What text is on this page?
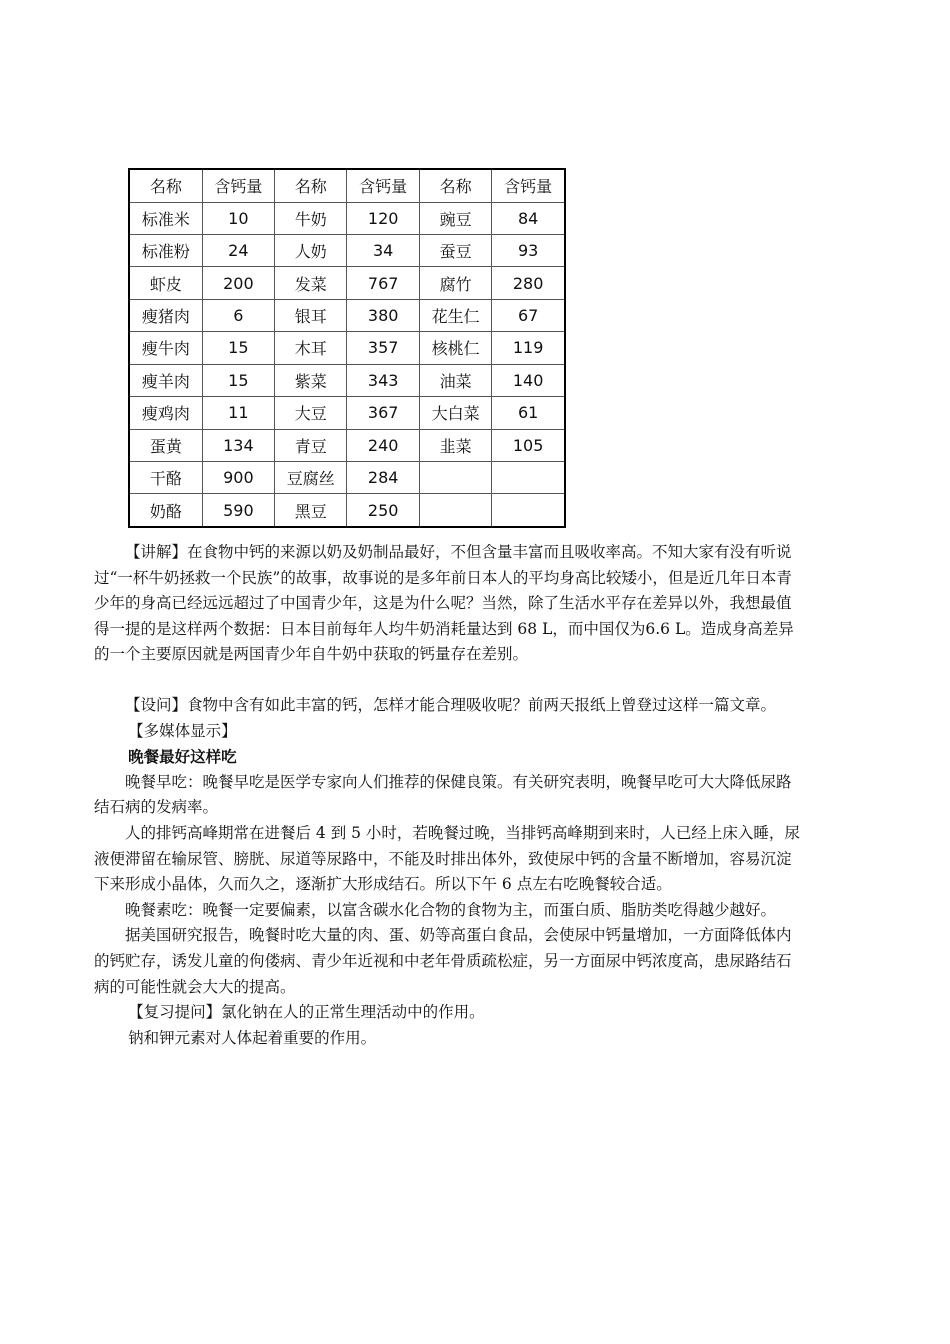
名称	含钙量	名称	含钙量	名称	含钙量
标准米	10	牛奶	120	豌豆	84
标准粉	24	人奶	34	蚕豆	93
虾皮	200	发菜	767	腐竹	280
瘦猪肉	6	银耳	380	花生仁	67
瘦牛肉	15	木耳	357	核桃仁	119
瘦羊肉	15	紫菜	343	油菜	140
瘦鸡肉	11	大豆	367	大白菜	61
蛋黄	134	青豆	240	韭菜	105
干酪	900	豆腐丝	284		
奶酪	590	黑豆	250		

【讲解】在食物中钙的来源以奶及奶制品最好，不但含量丰富而且吸收率高。不知大家有没有听说过“一杯牛奶拯救一个民族”的故事，故事说的是多年前日本人的平均身高比较矮小，但是近几年日本青少年的身高已经远远超过了中国青少年，这是为什么呢？当然，除了生活水平存在差异以外，我想最值得一提的是这样两个数据：日本目前每年人均牛奶消耗量达到 68 L，而中国仅为6.6 L。造成身高差异的一个主要原因就是两国青少年自牛奶中获取的钙量存在差别。

【设问】食物中含有如此丰富的钙，怎样才能合理吸收呢？前两天报纸上曾登过这样一篇文章。

【多媒体显示】

晚餐最好这样吃

晚餐早吃：晚餐早吃是医学专家向人们推荐的保健良策。有关研究表明，晚餐早吃可大大降低尿路结石病的发病率。

人的排钙高峰期常在进餐后 4 到 5 小时，若晚餐过晚，当排钙高峰期到来时，人已经上床入睡，尿液便滞留在输尿管、膀胱、尿道等尿路中，不能及时排出体外，致使尿中钙的含量不断增加，容易沉淀下来形成小晶体，久而久之，逐渐扩大形成结石。所以下午 6 点左右吃晚餐较合适。

晚餐素吃：晚餐一定要偏素，以富含碳水化合物的食物为主，而蛋白质、脂肪类吃得越少越好。

据美国研究报告，晚餐时吃大量的肉、蛋、奶等高蛋白食品，会使尿中钙量增加，一方面降低体内的钙贮存，诱发儿童的佝偻病、青少年近视和中老年骨质疏松症，另一方面尿中钙浓度高，患尿路结石病的可能性就会大大的提高。

【复习提问】氯化钠在人的正常生理活动中的作用。

钠和钾元素对人体起着重要的作用。
